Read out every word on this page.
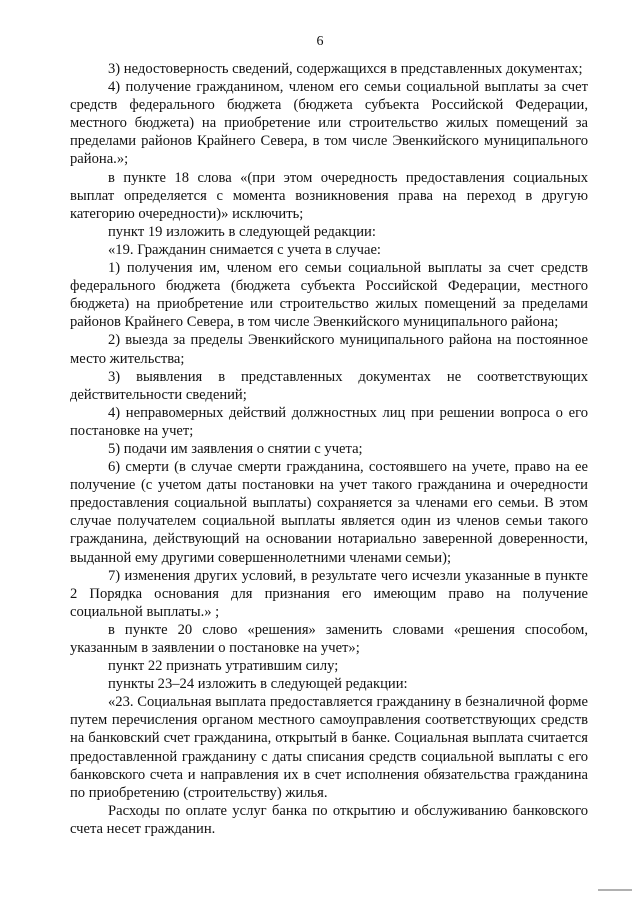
6

3) недостоверность сведений, содержащихся в представленных документах;

4) получение гражданином, членом его семьи социальной выплаты за счет средств федерального бюджета (бюджета субъекта Российской Федерации, местного бюджета) на приобретение или строительство жилых помещений за пределами районов Крайнего Севера, в том числе Эвенкийского муниципального района.»;

в пункте 18 слова «(при этом очередность предоставления социальных выплат определяется с момента возникновения права на переход в другую категорию очередности)» исключить;

пункт 19 изложить в следующей редакции:

«19. Гражданин снимается с учета в случае:

1) получения им, членом его семьи социальной выплаты за счет средств федерального бюджета (бюджета субъекта Российской Федерации, местного бюджета) на приобретение или строительство жилых помещений за пределами районов Крайнего Севера, в том числе Эвенкийского муниципального района;

2) выезда за пределы Эвенкийского муниципального района на постоянное место жительства;

3) выявления в представленных документах не соответствующих действительности сведений;

4) неправомерных действий должностных лиц при решении вопроса о его постановке на учет;

5) подачи им заявления о снятии с учета;

6) смерти (в случае смерти гражданина, состоявшего на учете, право на ее получение (с учетом даты постановки на учет такого гражданина и очередности предоставления социальной выплаты) сохраняется за членами его семьи. В этом случае получателем социальной выплаты является один из членов семьи такого гражданина, действующий на основании нотариально заверенной доверенности, выданной ему другими совершеннолетними членами семьи);

7) изменения других условий, в результате чего исчезли указанные в пункте 2 Порядка основания для признания его имеющим право на получение социальной выплаты.» ;

в пункте 20 слово «решения» заменить словами «решения способом, указанным в заявлении о постановке на учет»;

пункт 22 признать утратившим силу;

пункты 23–24 изложить в следующей редакции:

«23. Социальная выплата предоставляется гражданину в безналичной форме путем перечисления органом местного самоуправления соответствующих средств на банковский счет гражданина, открытый в банке. Социальная выплата считается предоставленной гражданину с даты списания средств социальной выплаты с его банковского счета и направления их в счет исполнения обязательства гражданина по приобретению (строительству) жилья.

Расходы по оплате услуг банка по открытию и обслуживанию банковского счета несет гражданин.
